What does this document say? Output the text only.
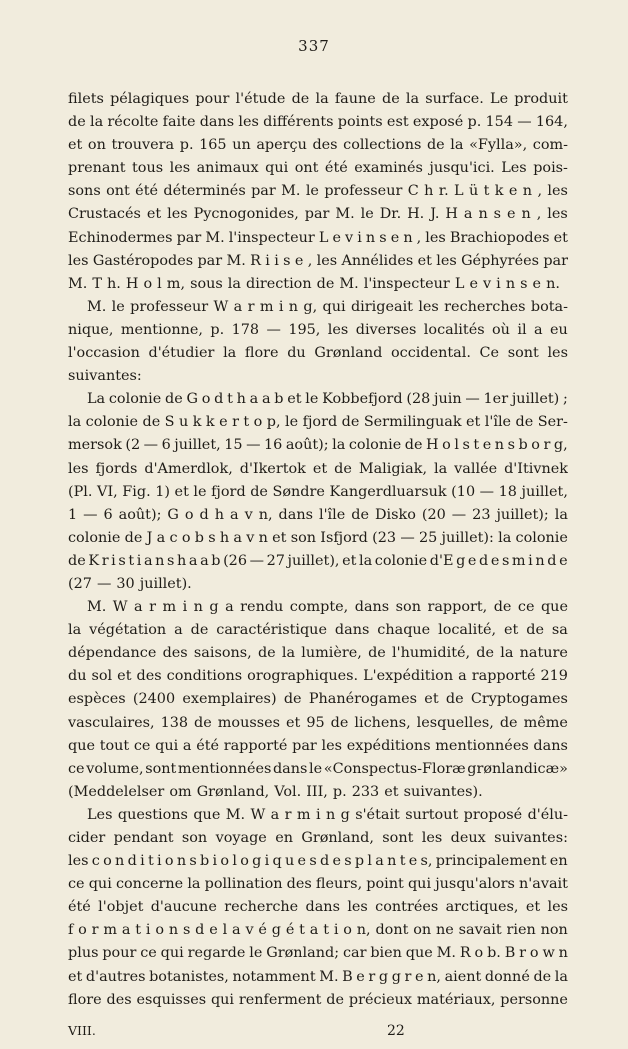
337
filets pélagiques pour l'étude de la faune de la surface. Le produit
de la récolte faite dans les différents points est exposé p. 154 — 164,
et on trouvera p. 165 un aperçu des collections de la «Fylla», com-
prenant tous les animaux qui ont été examinés jusqu'ici. Les pois-
sons ont été déterminés par M. le professeur C h r. L ü t k e n , les
Crustacés et les Pycnogonides, par M. le Dr. H. J. H a n s e n , les
Echinodermes par M. l'inspecteur L e v i n s e n , les Brachiopodes et
les Gastéropodes par M. R i i s e , les Annélides et les Géphyrées par
M. T h. H o l m, sous la direction de M. l'inspecteur L e v i n s e n.
M. le professeur W a r m i n g, qui dirigeait les recherches bota-
nique, mentionne, p. 178 — 195, les diverses localités où il a eu
l'occasion d'étudier la flore du Grønland occidental. Ce sont les
suivantes:
La colonie de G o d t h a a b et le Kobbefjord (28 juin — 1er juillet) ;
la colonie de S u k k e r t o p, le fjord de Sermilinguak et l'île de Ser-
mersok (2 — 6 juillet, 15 — 16 août); la colonie de H o l s t e n s b o r g,
les fjords d'Amerdlok, d'Ikertok et de Maligiak, la vallée d'Itivnek
(Pl. VI, Fig. 1) et le fjord de Søndre Kangerdluarsuk (10 — 18 juillet,
1 — 6 août); G o d h a v n, dans l'île de Disko (20 — 23 juillet); la
colonie de J a c o b s h a v n et son Isfjord (23 — 25 juillet): la colonie
de K r i s t i a n s h a a b (26 — 27 juillet), et la colonie d'E g e d e s m i n d e
(27 — 30 juillet).
M. W a r m i n g a rendu compte, dans son rapport, de ce que
la végétation a de caractéristique dans chaque localité, et de sa
dépendance des saisons, de la lumière, de l'humidité, de la nature
du sol et des conditions orographiques. L'expédition a rapporté 219
espèces (2400 exemplaires) de Phanérogames et de Cryptogames
vasculaires, 138 de mousses et 95 de lichens, lesquelles, de même
que tout ce qui a été rapporté par les expéditions mentionnées dans
ce volume, sont mentionnées dans le «Conspectus-Floræ grønlandicæ»
(Meddelelser om Grønland, Vol. III, p. 233 et suivantes).
Les questions que M. W a r m i n g s'était surtout proposé d'élu-
cider pendant son voyage en Grønland, sont les deux suivantes:
les c o n d i t i o n s b i o l o g i q u e s d e s p l a n t e s, principalement en
ce qui concerne la pollination des fleurs, point qui jusqu'alors n'avait
été l'objet d'aucune recherche dans les contrées arctiques, et les
f o r m a t i o n s d e l a v é g é t a t i o n, dont on ne savait rien non
plus pour ce qui regarde le Grønland; car bien que M. R o b. B r o w n
et d'autres botanistes, notamment M. B e r g g r e n, aient donné de la
flore des esquisses qui renferment de précieux matériaux, personne
VIII.	22
